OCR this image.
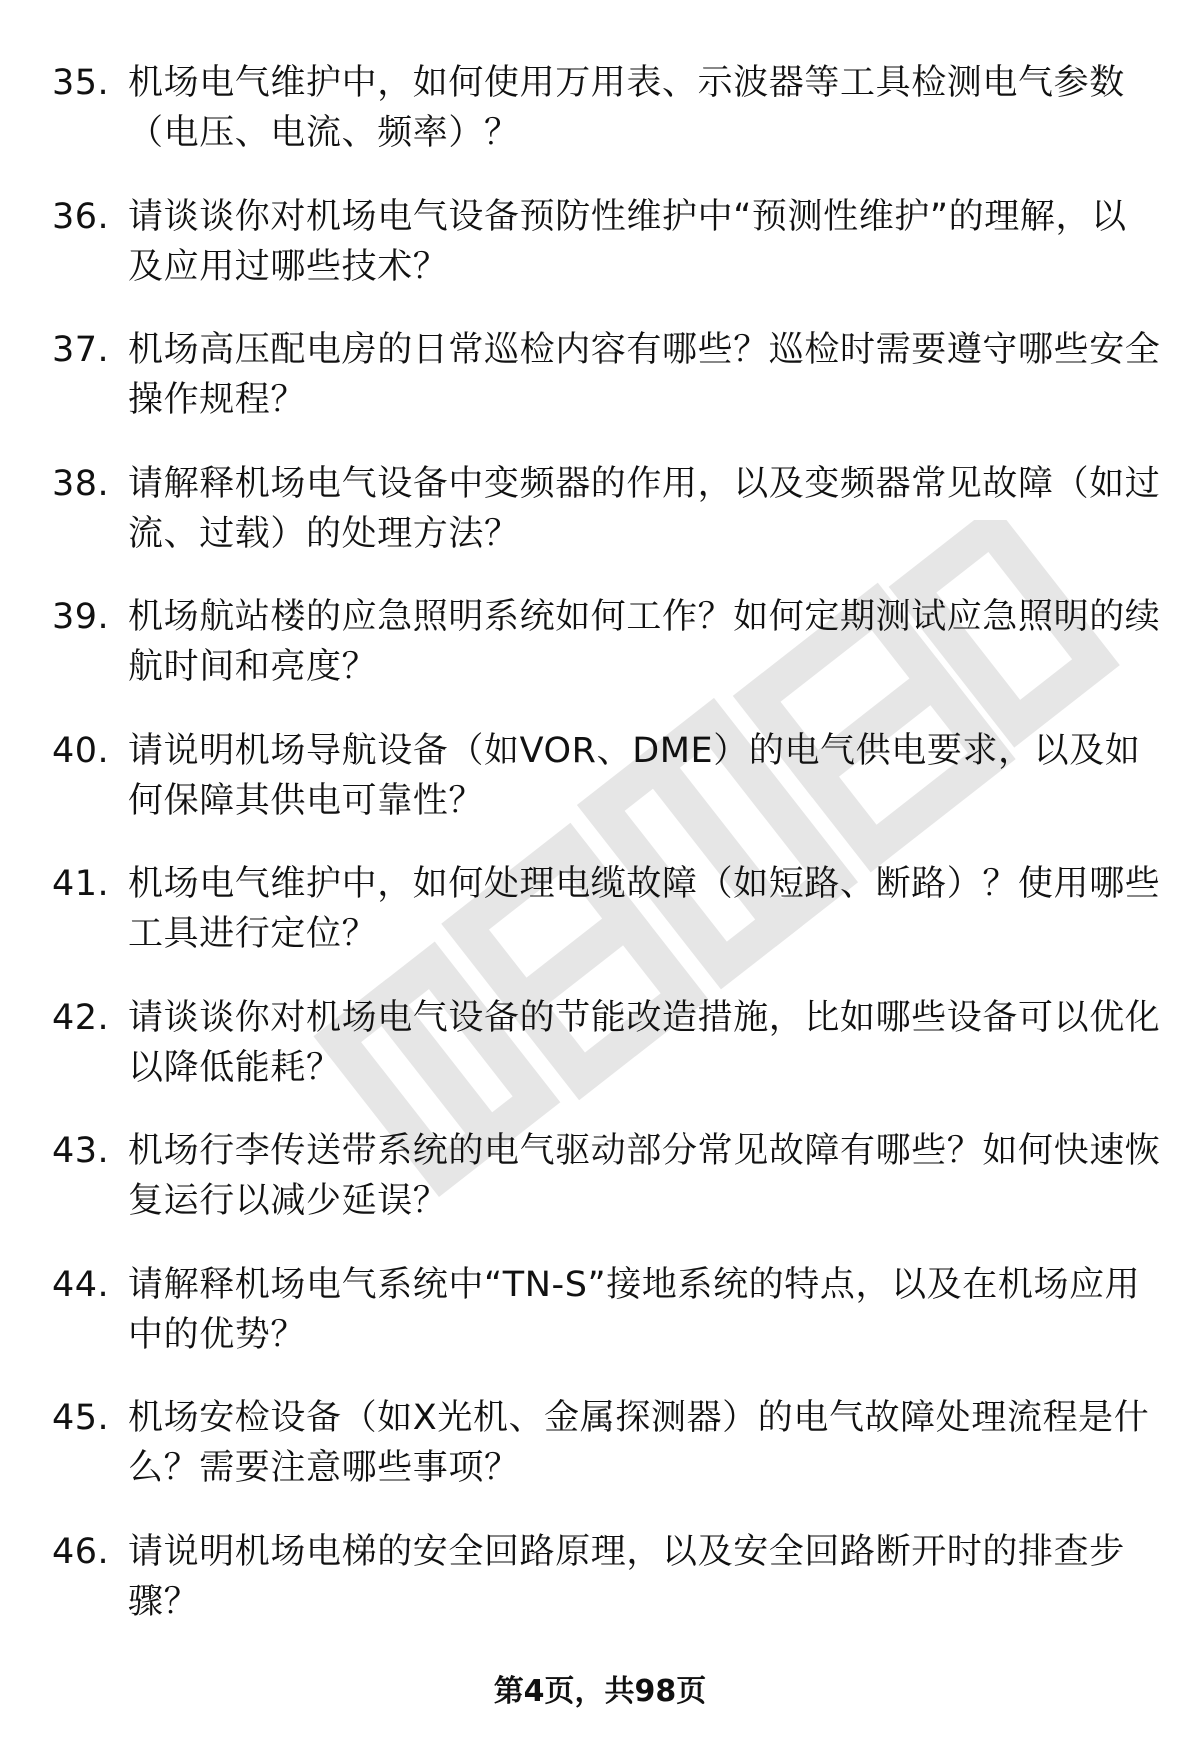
35. 机场电气维护中，如何使用万用表、示波器等工具检测电气参数（电压、电流、频率）？
36. 请谈谈你对机场电气设备预防性维护中“预测性维护”的理解，以及应用过哪些技术？
37. 机场高压配电房的日常巡检内容有哪些？巡检时需要遵守哪些安全操作规程？
38. 请解释机场电气设备中变频器的作用，以及变频器常见故障（如过流、过载）的处理方法？
39. 机场航站楼的应急照明系统如何工作？如何定期测试应急照明的续航时间和亮度？
40. 请说明机场导航设备（如VOR、DME）的电气供电要求，以及如何保障其供电可靠性？
41. 机场电气维护中，如何处理电缆故障（如短路、断路）？使用哪些工具进行定位？
42. 请谈谈你对机场电气设备的节能改造措施，比如哪些设备可以优化以降低能耗？
43. 机场行李传送带系统的电气驱动部分常见故障有哪些？如何快速恢复运行以减少延误？
44. 请解释机场电气系统中“TN-S”接地系统的特点，以及在机场应用中的优势？
45. 机场安检设备（如X光机、金属探测器）的电气故障处理流程是什么？需要注意哪些事项？
46. 请说明机场电梯的安全回路原理，以及安全回路断开时的排查步骤？
第4页，共98页
